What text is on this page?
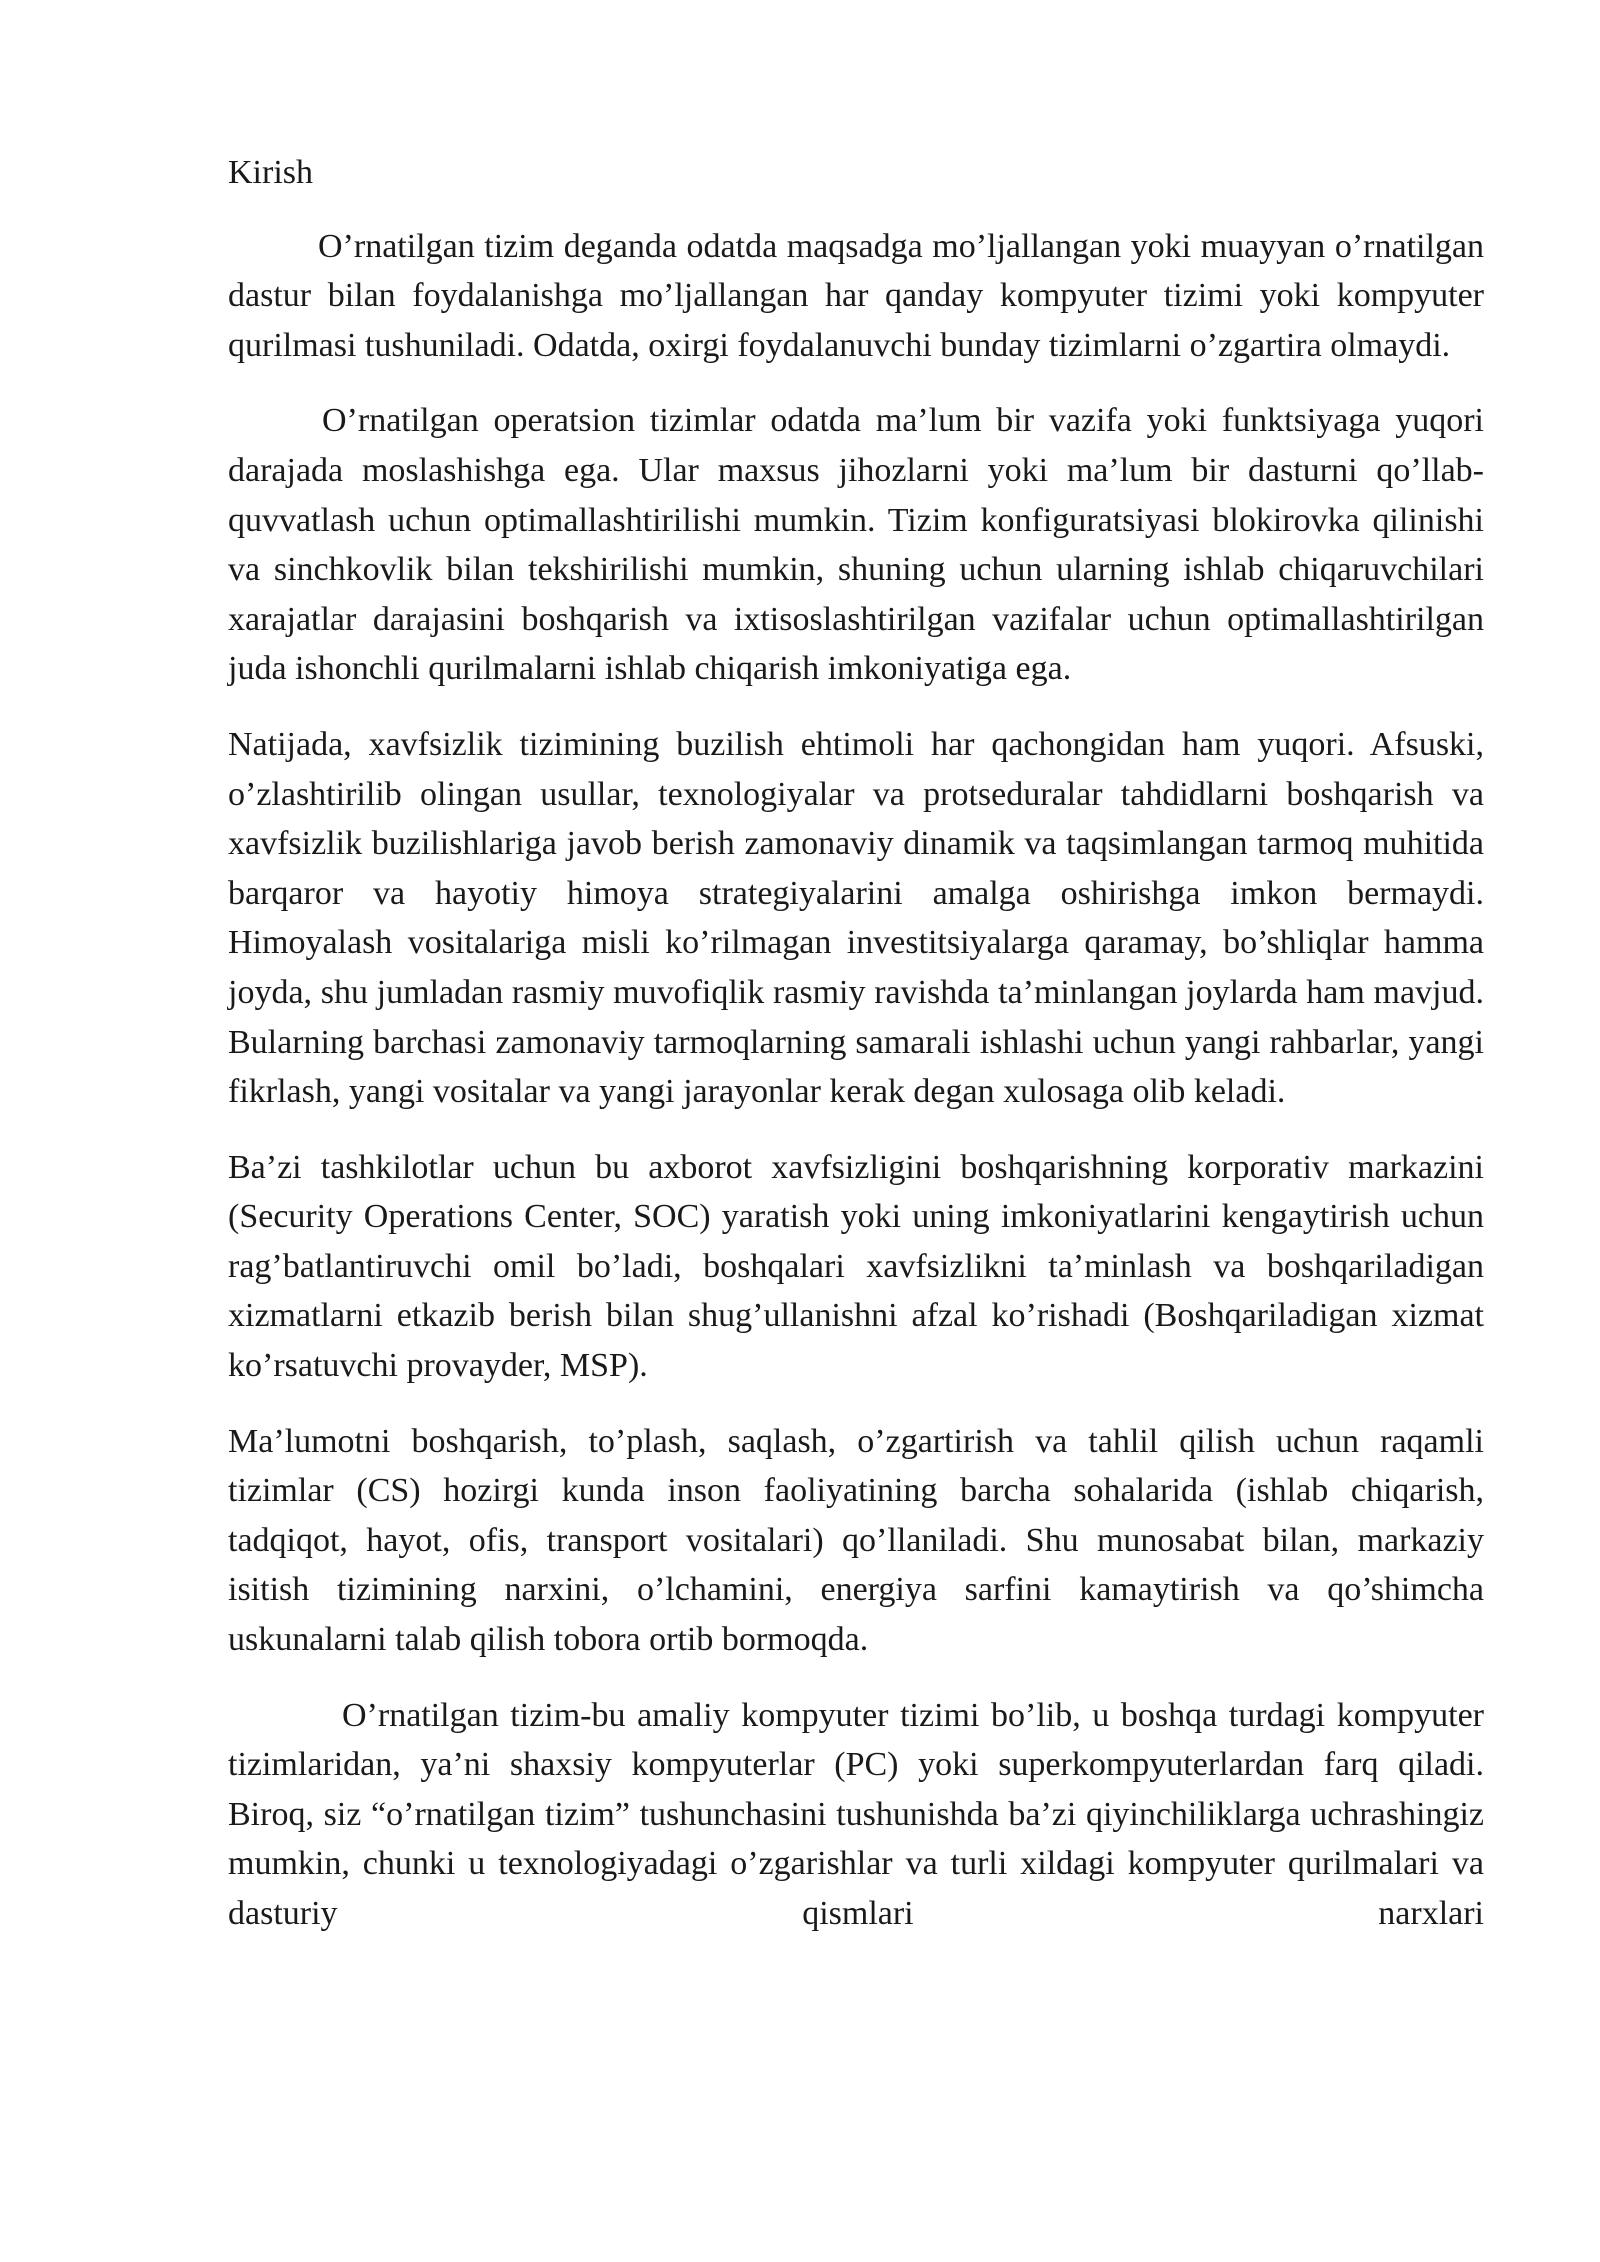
Kirish

O’rnatilgan tizim deganda odatda maqsadga mo’ljallangan yoki muayyan o’rnatilgan dastur bilan foydalanishga mo’ljallangan har qanday kompyuter tizimi yoki kompyuter qurilmasi tushuniladi. Odatda, oxirgi foydalanuvchi bunday tizimlarni o’zgartira olmaydi.

O’rnatilgan operatsion tizimlar odatda ma’lum bir vazifa yoki funktsiyaga yuqori darajada moslashishga ega. Ular maxsus jihozlarni yoki ma’lum bir dasturni qo’llab-quvvatlash uchun optimallashtirilishi mumkin. Tizim konfiguratsiyasi blokirovka qilinishi va sinchkovlik bilan tekshirilishi mumkin, shuning uchun ularning ishlab chiqaruvchilari xarajatlar darajasini boshqarish va ixtisoslashtirilgan vazifalar uchun optimallashtirilgan juda ishonchli qurilmalarni ishlab chiqarish imkoniyatiga ega.

Natijada, xavfsizlik tizimining buzilish ehtimoli har qachongidan ham yuqori. Afsuski, o’zlashtirilib olingan usullar, texnologiyalar va protseduralar tahdidlarni boshqarish va xavfsizlik buzilishlariga javob berish zamonaviy dinamik va taqsimlangan tarmoq muhitida barqaror va hayotiy himoya strategiyalarini amalga oshirishga imkon bermaydi. Himoyalash vositalariga misli ko’rilmagan investitsiyalarga qaramay, bo’shliqlar hamma joyda, shu jumladan rasmiy muvofiqlik rasmiy ravishda ta’minlangan joylarda ham mavjud. Bularning barchasi zamonaviy tarmoqlarning samarali ishlashi uchun yangi rahbarlar, yangi fikrlash, yangi vositalar va yangi jarayonlar kerak degan xulosaga olib keladi.

Ba’zi tashkilotlar uchun bu axborot xavfsizligini boshqarishning korporativ markazini (Security Operations Center, SOC) yaratish yoki uning imkoniyatlarini kengaytirish uchun rag’batlantiruvchi omil bo’ladi, boshqalari xavfsizlikni ta’minlash va boshqariladigan xizmatlarni etkazib berish bilan shug’ullanishni afzal ko’rishadi (Boshqariladigan xizmat ko’rsatuvchi provayder, MSP).

Ma’lumotni boshqarish, to’plash, saqlash, o’zgartirish va tahlil qilish uchun raqamli tizimlar (CS) hozirgi kunda inson faoliyatining barcha sohalarida (ishlab chiqarish, tadqiqot, hayot, ofis, transport vositalari) qo’llaniladi. Shu munosabat bilan, markaziy isitish tizimining narxini, o’lchamini, energiya sarfini kamaytirish va qo’shimcha uskunalarni talab qilish tobora ortib bormoqda.

O’rnatilgan tizim-bu amaliy kompyuter tizimi bo’lib, u boshqa turdagi kompyuter tizimlaridan, ya’ni shaxsiy kompyuterlar (PC) yoki superkompyuterlardan farq qiladi. Biroq, siz “o’rnatilgan tizim” tushunchasini tushunishda ba’zi qiyinchiliklarga uchrashingiz mumkin, chunki u texnologiyadagi o’zgarishlar va turli xildagi kompyuter qurilmalari va dasturiy qismlari narxlari
